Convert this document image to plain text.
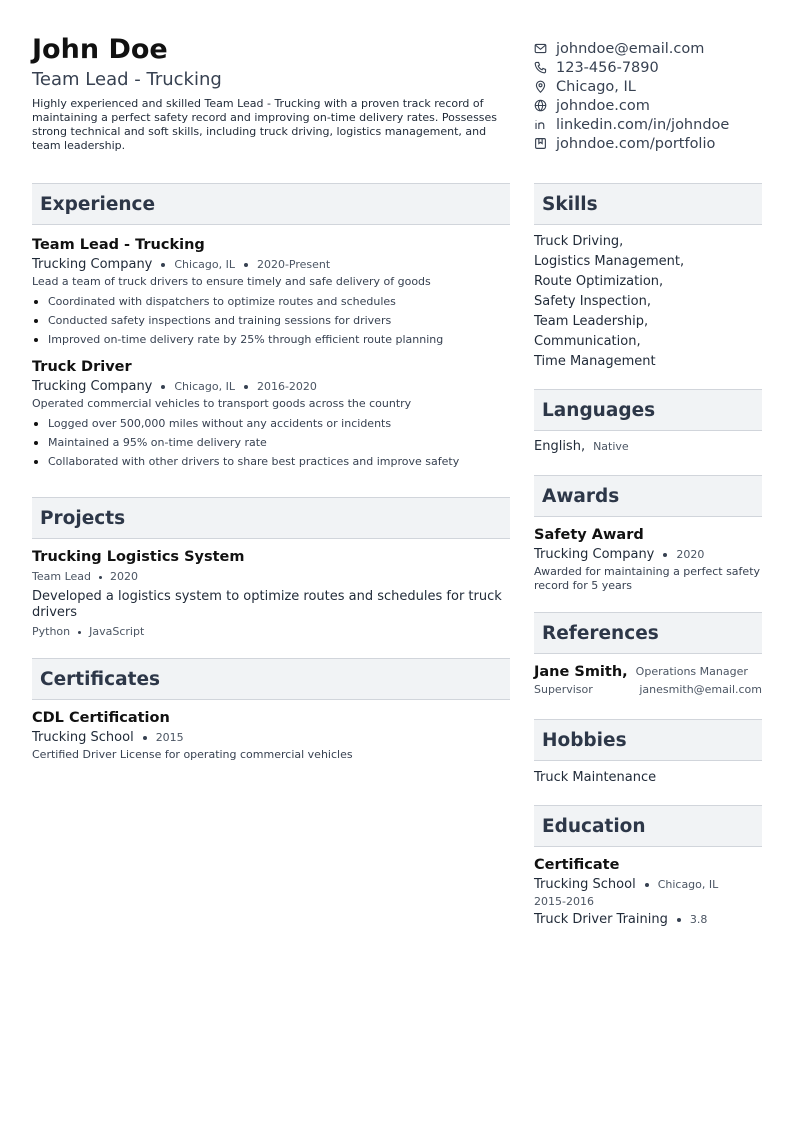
John Doe
Team Lead - Trucking
Highly experienced and skilled Team Lead - Trucking with a proven track record of maintaining a perfect safety record and improving on-time delivery rates. Possesses strong technical and soft skills, including truck driving, logistics management, and team leadership.
johndoe@email.com
123-456-7890
Chicago, IL
johndoe.com
linkedin.com/in/johndoe
johndoe.com/portfolio
Experience
Team Lead - Trucking
Trucking Company Chicago, IL 2020-Present
Lead a team of truck drivers to ensure timely and safe delivery of goods
Coordinated with dispatchers to optimize routes and schedules
Conducted safety inspections and training sessions for drivers
Improved on-time delivery rate by 25% through efficient route planning
Truck Driver
Trucking Company Chicago, IL 2016-2020
Operated commercial vehicles to transport goods across the country
Logged over 500,000 miles without any accidents or incidents
Maintained a 95% on-time delivery rate
Collaborated with other drivers to share best practices and improve safety
Projects
Trucking Logistics System
Team Lead 2020
Developed a logistics system to optimize routes and schedules for truck drivers
Python JavaScript
Certificates
CDL Certification
Trucking School 2015
Certified Driver License for operating commercial vehicles
Skills
Truck Driving,
Logistics Management,
Route Optimization,
Safety Inspection,
Team Leadership,
Communication,
Time Management
Languages
English, Native
Awards
Safety Award
Trucking Company 2020
Awarded for maintaining a perfect safety record for 5 years
References
Jane Smith, Operations Manager
Supervisor	janesmith@email.com
Hobbies
Truck Maintenance
Education
Certificate
Trucking School Chicago, IL
2015-2016
Truck Driver Training 3.8
